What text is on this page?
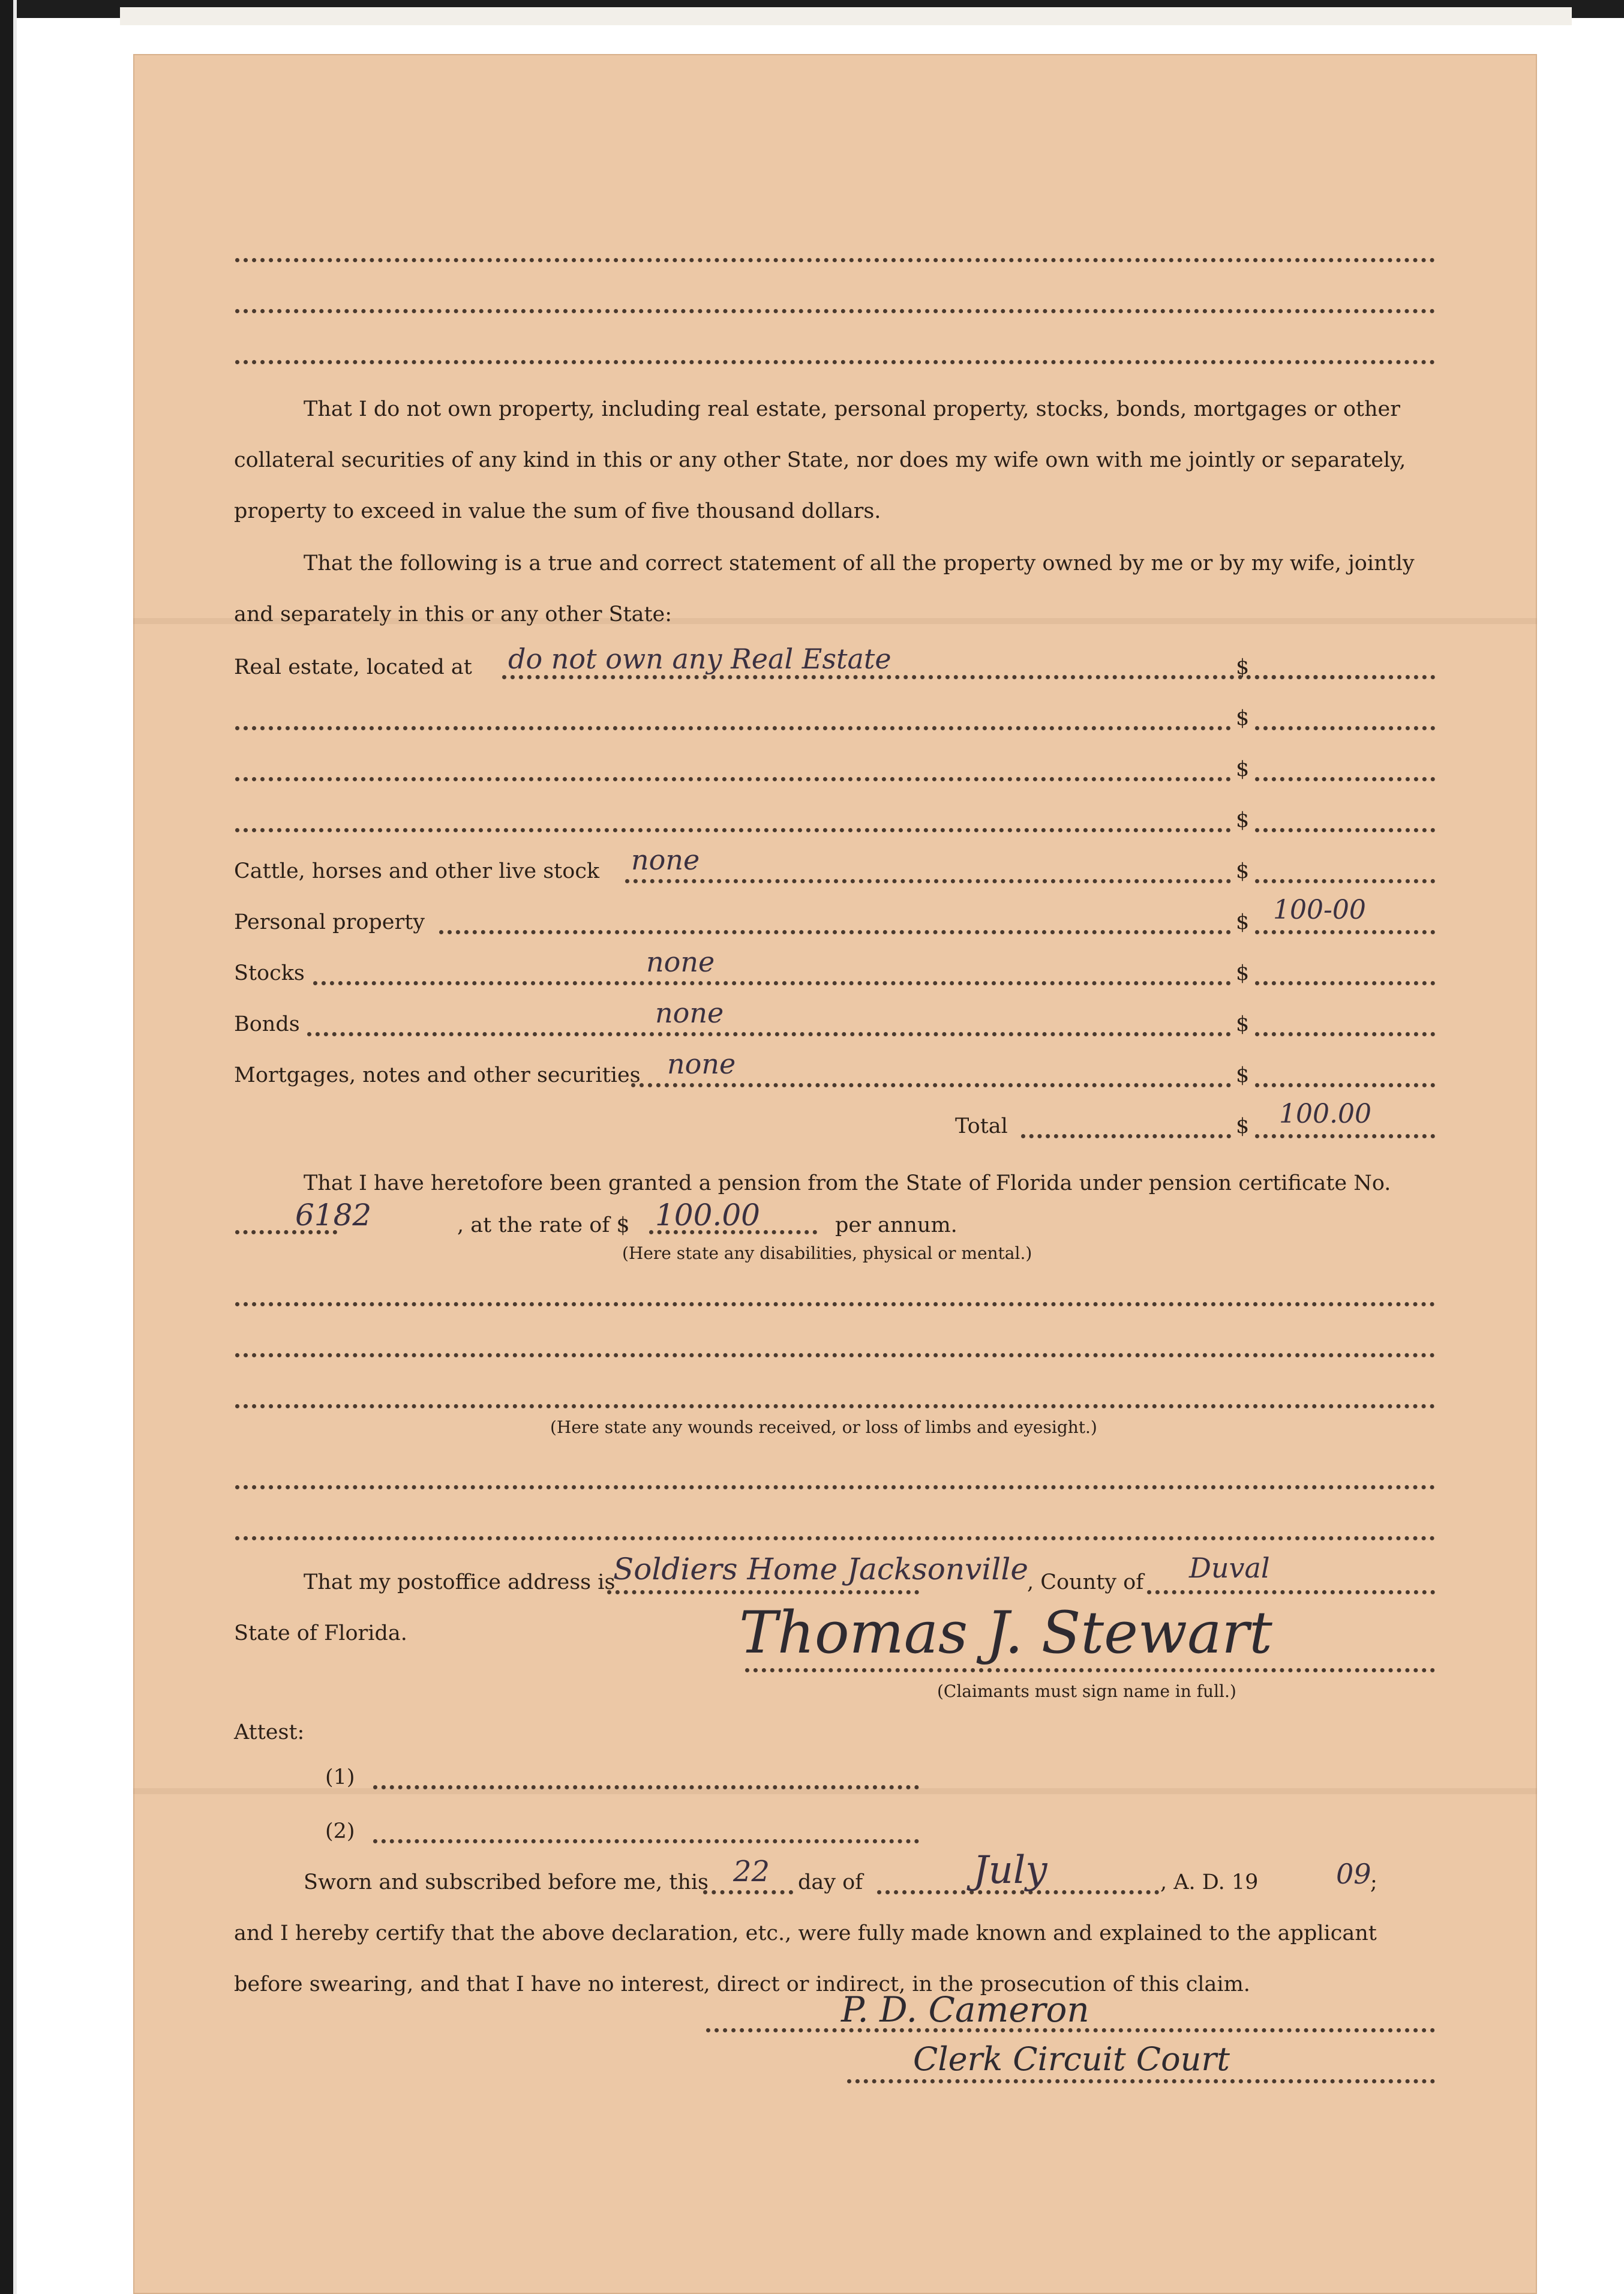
That I do not own property, including real estate, personal property, stocks, bonds, mortgages or other
collateral securities of any kind in this or any other State, nor does my wife own with me jointly or separately,
property to exceed in value the sum of five thousand dollars.
That the following is a true and correct statement of all the property owned by me or by my wife, jointly
and separately in this or any other State:
Real estate, located at do not own any Real Estate	$
$
$
$
Cattle, horses and other live stock none	$
Personal property	$ 100-00
Stocks	none	$
Bonds	none	$
Mortgages, notes and other securities none	$
Total	$ 100.00
That I have heretofore been granted a pension from the State of Florida under pension certificate No.
6182	, at the rate of $ 100.00	per annum.
(Here state any disabilities, physical or mental.)
(Here state any wounds received, or loss of limbs and eyesight.)
That my postoffice address is
Soldiers Home Jacksonville
, County of Duval
State of Florida.	Thomas J. Stewart
(Claimants must sign name in full.)
Attest:
(1)
(2)
Sworn and subscribed before me, this 22 day of	July	, A. D. 19	09
;
and I hereby certify that the above declaration, etc., were fully made known and explained to the applicant
before swearing, and that I have no interest, direct or indirect, in the prosecution of this claim.
P. D. Cameron
Clerk Circuit Court
